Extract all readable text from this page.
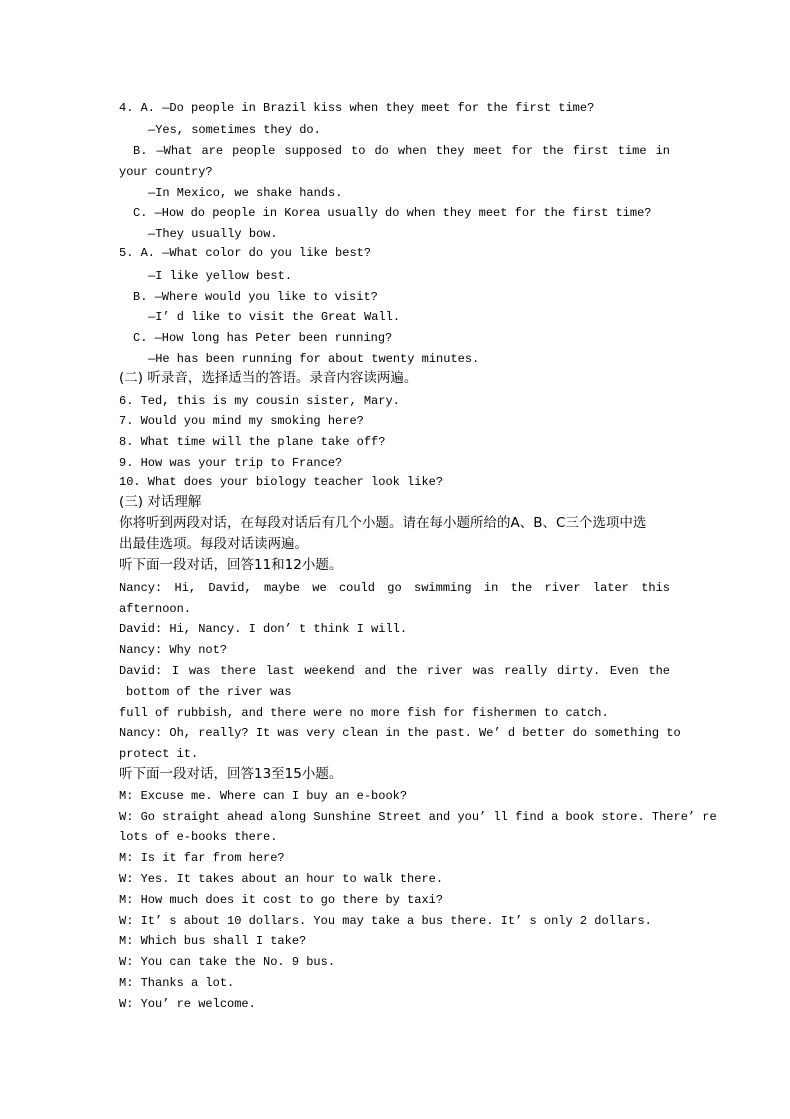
4. A. —Do people in Brazil kiss when they meet for the first time?
—Yes, sometimes they do.
B. —What are people supposed to do when they meet for the first time in
your country?
—In Mexico, we shake hands.
C. —How do people in Korea usually do when they meet for the first time?
—They usually bow.
5. A. —What color do you like best?
—I like yellow best.
B. —Where would you like to visit?
—I’ d like to visit the Great Wall.
C. —How long has Peter been running?
—He has been running for about twenty minutes.
(二) 听录音，选择适当的答语。录音内容读两遍。
6. Ted, this is my cousin sister, Mary.
7. Would you mind my smoking here?
8. What time will the plane take off?
9. How was your trip to France?
10. What does your biology teacher look like?
(三) 对话理解
你将听到两段对话，在每段对话后有几个小题。请在每小题所给的A、B、C三个选项中选
出最佳选项。每段对话读两遍。
听下面一段对话，回答11和12小题。
Nancy: Hi, David, maybe we could go swimming in the river later this
afternoon.
David: Hi, Nancy. I don’ t think I will.
Nancy: Why not?
David: I was there last weekend and the river was really dirty. Even the
bottom of the river was
full of rubbish, and there were no more fish for fishermen to catch.
Nancy: Oh, really? It was very clean in the past. We’ d better do something to
protect it.
听下面一段对话，回答13至15小题。
M: Excuse me. Where can I buy an e-book?
W: Go straight ahead along Sunshine Street and you’ ll find a book store. There’ re
lots of e-books there.
M: Is it far from here?
W: Yes. It takes about an hour to walk there.
M: How much does it cost to go there by taxi?
W: It’ s about 10 dollars. You may take a bus there. It’ s only 2 dollars.
M: Which bus shall I take?
W: You can take the No. 9 bus.
M: Thanks a lot.
W: You’ re welcome.
